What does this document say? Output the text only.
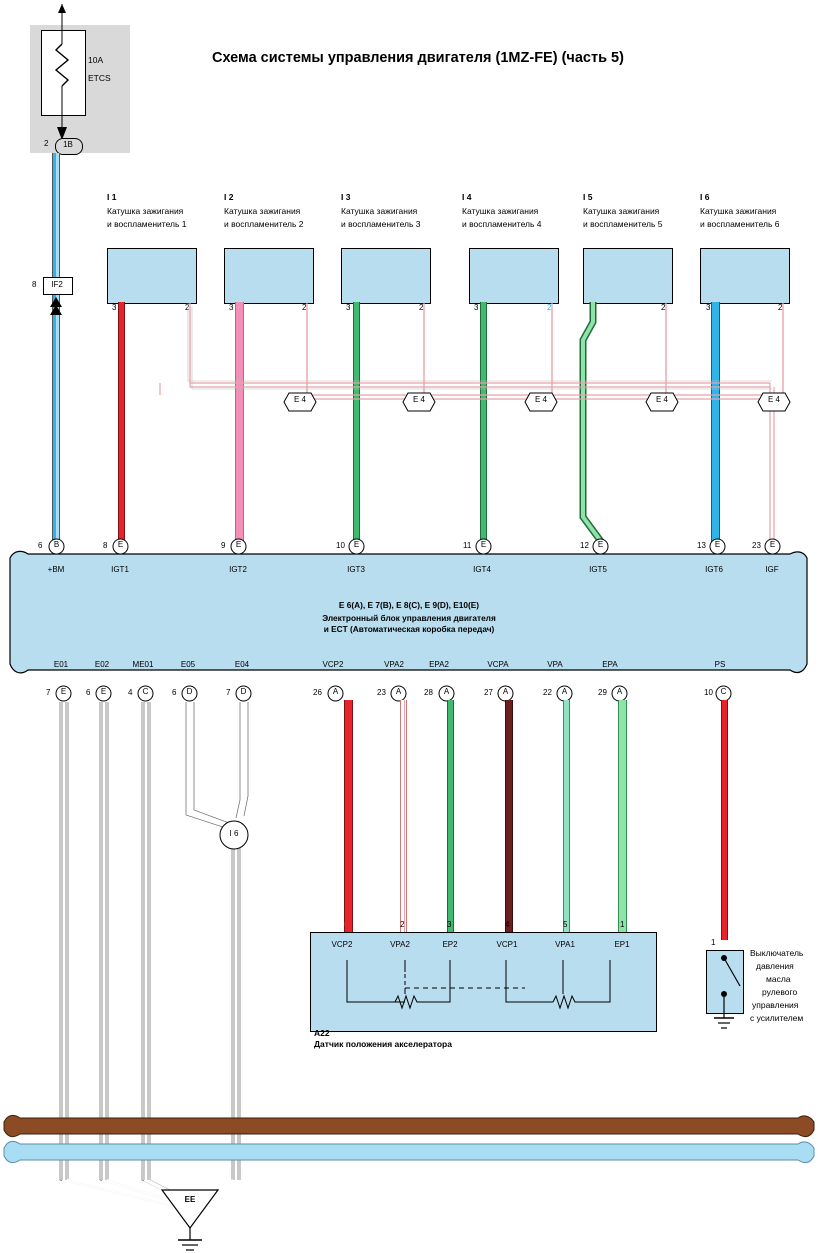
Схема системы управления двигателя (1MZ-FE) (часть 5)
10A
ETCS
2	1B
8	IF2
I 1
Катушка зажигания
и воспламенитель 1
3	2
I 2
Катушка зажигания
и воспламенитель 2
3	2
I 3
Катушка зажигания
и воспламенитель 3
3	2
I 4
Катушка зажигания
и воспламенитель 4
3	2
I 5
Катушка зажигания
и воспламенитель 5
3	2
I 6
Катушка зажигания
и воспламенитель 6
3	2
E 4	E 4	E 4	E 4	E 4
E 6(A), E 7(B), E 8(C), E 9(D), E10(E)
Электронный блок управления двигателя
и ECT (Автоматическая коробка передач)
+BM	IGT1	IGT2	IGT3	IGT4	IGT5	IGT6	IGF
6	B	8	E	9	E	10	E	11	E	12	E	13	E	23	E
E01	E02	ME01	E05	E04	VCP2	VPA2	EPA2	VCPA	VPA	EPA	PS
7	E	6	E	4	C	6	D	7	D	26	A	23	A	28	A	27	A	22	A	29	A	10 C
I 6
6	2	3	4	5	1
VCP2	VPA2	EP2	VCP1	VPA1	EP1
A22
Датчик положения акселератора
1
Выключатель
давления
масла
рулевого
управления
с усилителем
EE
